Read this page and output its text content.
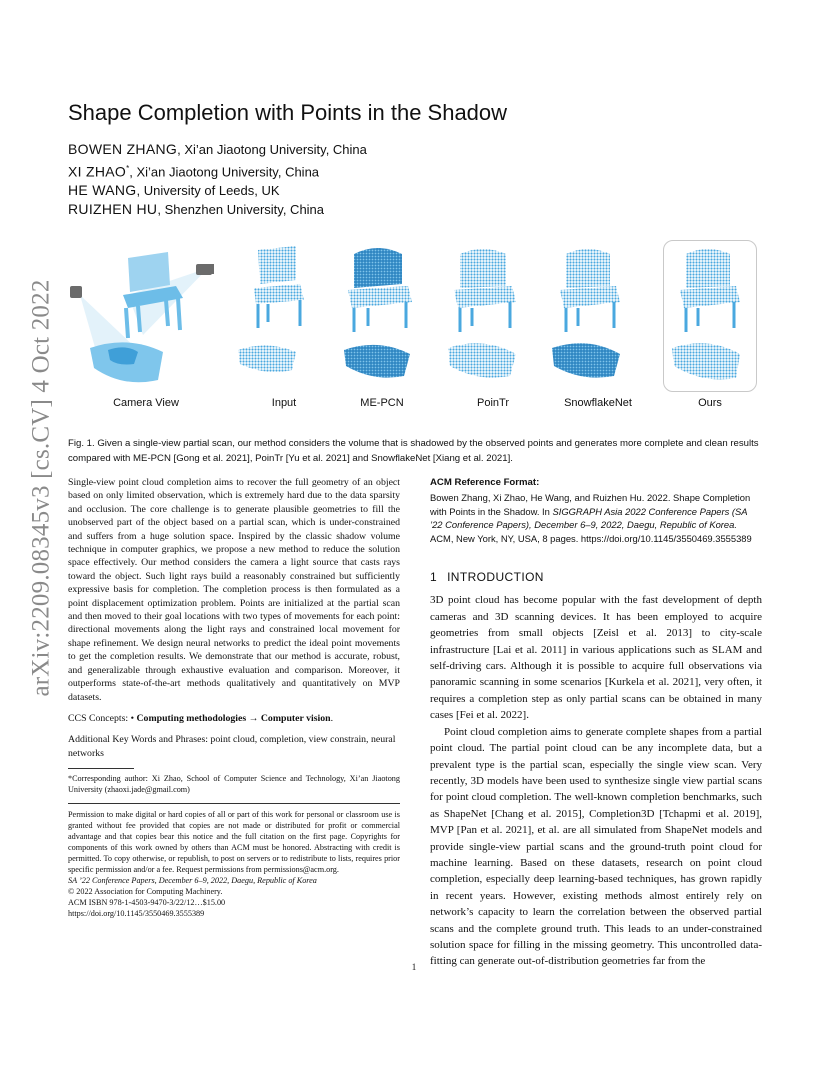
arXiv:2209.08345v3 [cs.CV] 4 Oct 2022
Shape Completion with Points in the Shadow
BOWEN ZHANG, Xi’an Jiaotong University, China
XI ZHAO*, Xi’an Jiaotong University, China
HE WANG, University of Leeds, UK
RUIZHEN HU, Shenzhen University, China
Camera View	Input	ME-PCN	PoinTr	SnowflakeNet	Ours
Fig. 1. Given a single-view partial scan, our method considers the volume that is shadowed by the observed points and generates more complete and clean results compared with ME-PCN [Gong et al. 2021], PoinTr [Yu et al. 2021] and SnowflakeNet [Xiang et al. 2021].

Single-view point cloud completion aims to recover the full geometry of an object based on only limited observation, which is extremely hard due to the data sparsity and occlusion. The core challenge is to generate plausible geometries to fill the unobserved part of the object based on a partial scan, which is under-constrained and suffers from a huge solution space. Inspired by the classic shadow volume technique in computer graphics, we propose a new method to reduce the solution space effectively. Our method considers the camera a light source that casts rays toward the object. Such light rays build a reasonably constrained but sufficiently expressive basis for completion. The completion process is then formulated as a point displacement optimization problem. Points are initialized at the partial scan and then moved to their goal locations with two types of movements for each point: directional movements along the light rays and constrained local movement for shape refinement. We design neural networks to predict the ideal point movements to get the completion results. We demonstrate that our method is accurate, robust, and generalizable through exhaustive evaluation and comparison. Moreover, it outperforms state-of-the-art methods qualitatively and quantitatively on MVP datasets.

CCS Concepts: • Computing methodologies → Computer vision.

Additional Key Words and Phrases: point cloud, completion, view constrain, neural networks

*Corresponding author: Xi Zhao, School of Computer Science and Technology, Xi’an Jiaotong University (zhaoxi.jade@gmail.com)
Permission to make digital or hard copies of all or part of this work for personal or classroom use is granted without fee provided that copies are not made or distributed for profit or commercial advantage and that copies bear this notice and the full citation on the first page. Copyrights for components of this work owned by others than ACM must be honored. Abstracting with credit is permitted. To copy otherwise, or republish, to post on servers or to redistribute to lists, requires prior specific permission and/or a fee. Request permissions from permissions@acm.org.
SA ’22 Conference Papers, December 6–9, 2022, Daegu, Republic of Korea
© 2022 Association for Computing Machinery.
ACM ISBN 978-1-4503-9470-3/22/12…$15.00
https://doi.org/10.1145/3550469.3555389
ACM Reference Format:

Bowen Zhang, Xi Zhao, He Wang, and Ruizhen Hu. 2022. Shape Completion with Points in the Shadow. In SIGGRAPH Asia 2022 Conference Papers (SA ’22 Conference Papers), December 6–9, 2022, Daegu, Republic of Korea. ACM, New York, NY, USA, 8 pages. https://doi.org/10.1145/3550469.3555389

1 INTRODUCTION

3D point cloud has become popular with the fast development of depth cameras and 3D scanning devices. It has been employed to acquire geometries from small objects [Zeisl et al. 2013] to city-scale infrastructure [Lai et al. 2011] in various applications such as SLAM and self-driving cars. Although it is possible to acquire full observations via panoramic scanning in some scenarios [Kurkela et al. 2021], very often, it requires a completion step as only partial scans can be obtained in many cases [Fei et al. 2022].

Point cloud completion aims to generate complete shapes from a partial point cloud. The partial point cloud can be any incomplete data, but a prevalent type is the partial scan, especially the single view scan. Very recently, 3D models have been used to synthesize single view partial scans for point cloud completion. The well-known completion benchmarks, such as ShapeNet [Chang et al. 2015], Completion3D [Tchapmi et al. 2019], MVP [Pan et al. 2021], et al. are all simulated from ShapeNet models and provide single-view partial scans and the ground-truth point cloud for machine learning. Based on these datasets, research on point cloud completion, especially deep learning-based techniques, has grown rapidly in recent years. However, existing methods almost entirely rely on network’s capacity to learn the correlation between the observed partial scans and the complete ground truth. This leads to an under-constrained solution space for filling in the missing geometry. This uncontrolled data-fitting can generate out-of-distribution geometries far from the

1
